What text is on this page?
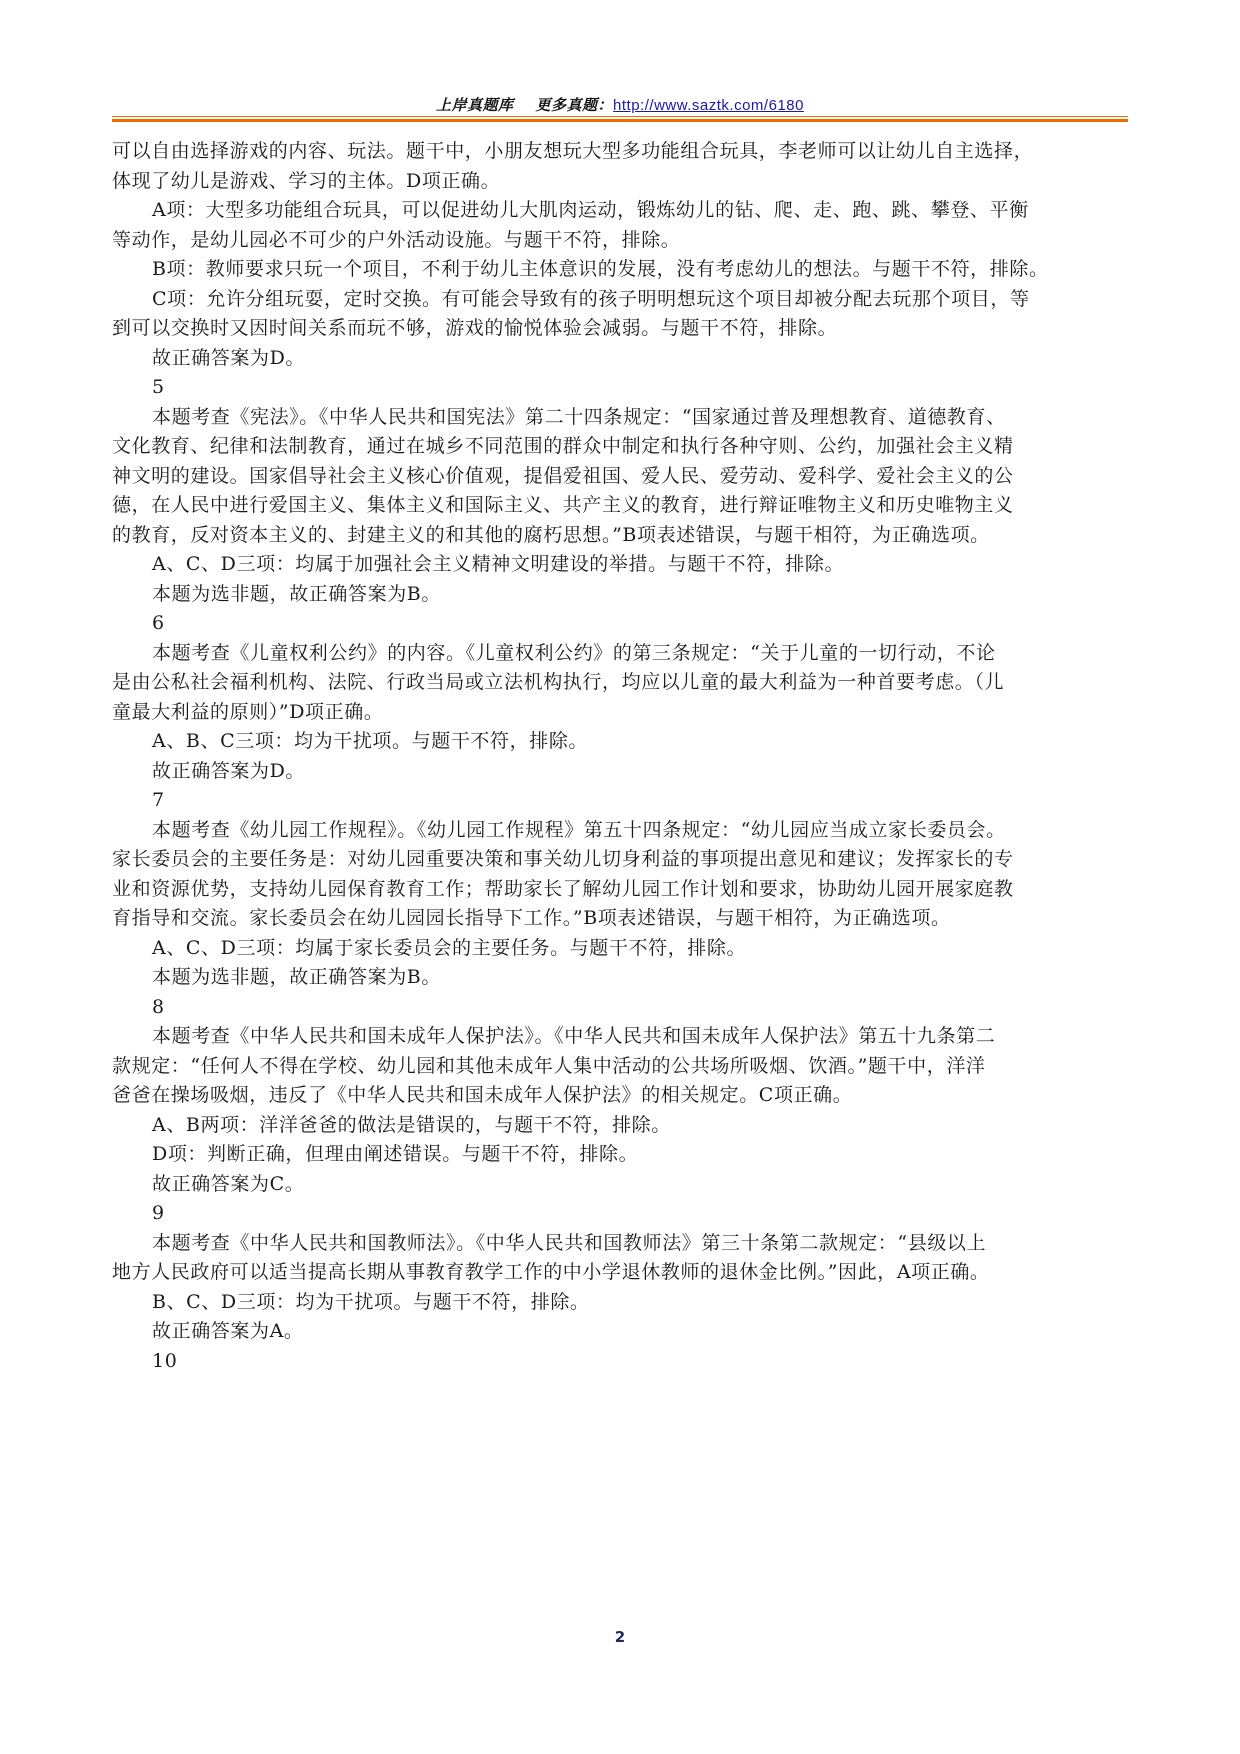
上岸真题库 更多真题：http://www.saztk.com/6180
可以自由选择游戏的内容、玩法。题干中，小朋友想玩大型多功能组合玩具，李老师可以让幼儿自主选择，
体现了幼儿是游戏、学习的主体。D项正确。
A项：大型多功能组合玩具，可以促进幼儿大肌肉运动，锻炼幼儿的钻、爬、走、跑、跳、攀登、平衡
等动作，是幼儿园必不可少的户外活动设施。与题干不符，排除。
B项：教师要求只玩一个项目，不利于幼儿主体意识的发展，没有考虑幼儿的想法。与题干不符，排除。
C项：允许分组玩耍，定时交换。有可能会导致有的孩子明明想玩这个项目却被分配去玩那个项目，等
到可以交换时又因时间关系而玩不够，游戏的愉悦体验会减弱。与题干不符，排除。
故正确答案为D。
5
本题考查《宪法》。《中华人民共和国宪法》第二十四条规定：“国家通过普及理想教育、道德教育、
文化教育、纪律和法制教育，通过在城乡不同范围的群众中制定和执行各种守则、公约，加强社会主义精
神文明的建设。国家倡导社会主义核心价值观，提倡爱祖国、爱人民、爱劳动、爱科学、爱社会主义的公
德，在人民中进行爱国主义、集体主义和国际主义、共产主义的教育，进行辩证唯物主义和历史唯物主义
的教育，反对资本主义的、封建主义的和其他的腐朽思想。”B项表述错误，与题干相符，为正确选项。
A、C、D三项：均属于加强社会主义精神文明建设的举措。与题干不符，排除。
本题为选非题，故正确答案为B。
6
本题考查《儿童权利公约》的内容。《儿童权利公约》的第三条规定：“关于儿童的一切行动，不论
是由公私社会福利机构、法院、行政当局或立法机构执行，均应以儿童的最大利益为一种首要考虑。（儿
童最大利益的原则）”D项正确。
A、B、C三项：均为干扰项。与题干不符，排除。
故正确答案为D。
7
本题考查《幼儿园工作规程》。《幼儿园工作规程》第五十四条规定：“幼儿园应当成立家长委员会。
家长委员会的主要任务是：对幼儿园重要决策和事关幼儿切身利益的事项提出意见和建议；发挥家长的专
业和资源优势，支持幼儿园保育教育工作；帮助家长了解幼儿园工作计划和要求，协助幼儿园开展家庭教
育指导和交流。家长委员会在幼儿园园长指导下工作。”B项表述错误，与题干相符，为正确选项。
A、C、D三项：均属于家长委员会的主要任务。与题干不符，排除。
本题为选非题，故正确答案为B。
8
本题考查《中华人民共和国未成年人保护法》。《中华人民共和国未成年人保护法》第五十九条第二
款规定：“任何人不得在学校、幼儿园和其他未成年人集中活动的公共场所吸烟、饮酒。”题干中，洋洋
爸爸在操场吸烟，违反了《中华人民共和国未成年人保护法》的相关规定。C项正确。
A、B两项：洋洋爸爸的做法是错误的，与题干不符，排除。
D项：判断正确，但理由阐述错误。与题干不符，排除。
故正确答案为C。
9
本题考查《中华人民共和国教师法》。《中华人民共和国教师法》第三十条第二款规定：“县级以上
地方人民政府可以适当提高长期从事教育教学工作的中小学退休教师的退休金比例。”因此，A项正确。
B、C、D三项：均为干扰项。与题干不符，排除。
故正确答案为A。
10
2
